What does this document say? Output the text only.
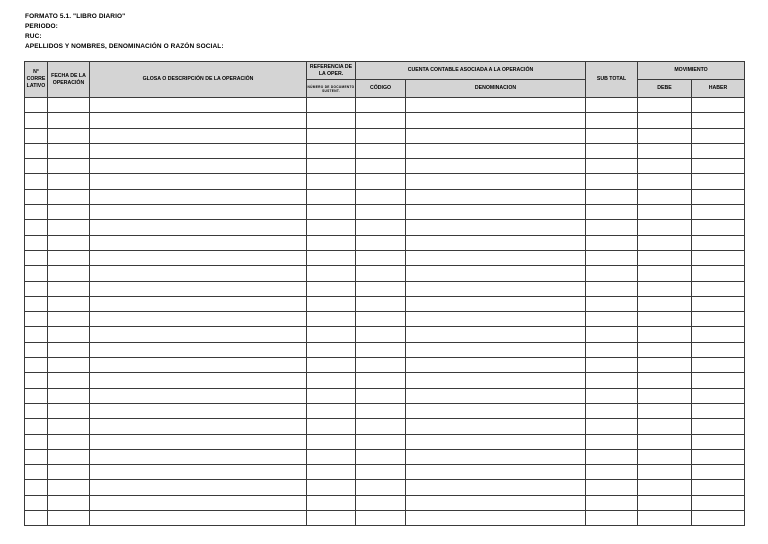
FORMATO 5.1. "LIBRO DIARIO"
PERIODO:
RUC:
APELLIDOS Y NOMBRES, DENOMINACIÓN O RAZÓN SOCIAL:
N° CORRE LATIVO	FECHA DE LA OPERACIÓN	GLOSA O DESCRIPCIÓN DE LA OPERACIÓN	REFERENCIA DE LA OPER.	CUENTA CONTABLE ASOCIADA A LA OPERACIÓN		SUB TOTAL	MOVIMIENTO	
			NÚMERO DE DOCUMENTO SUSTENT.	CÓDIGO	DENOMINACION		DEBE	HABER
